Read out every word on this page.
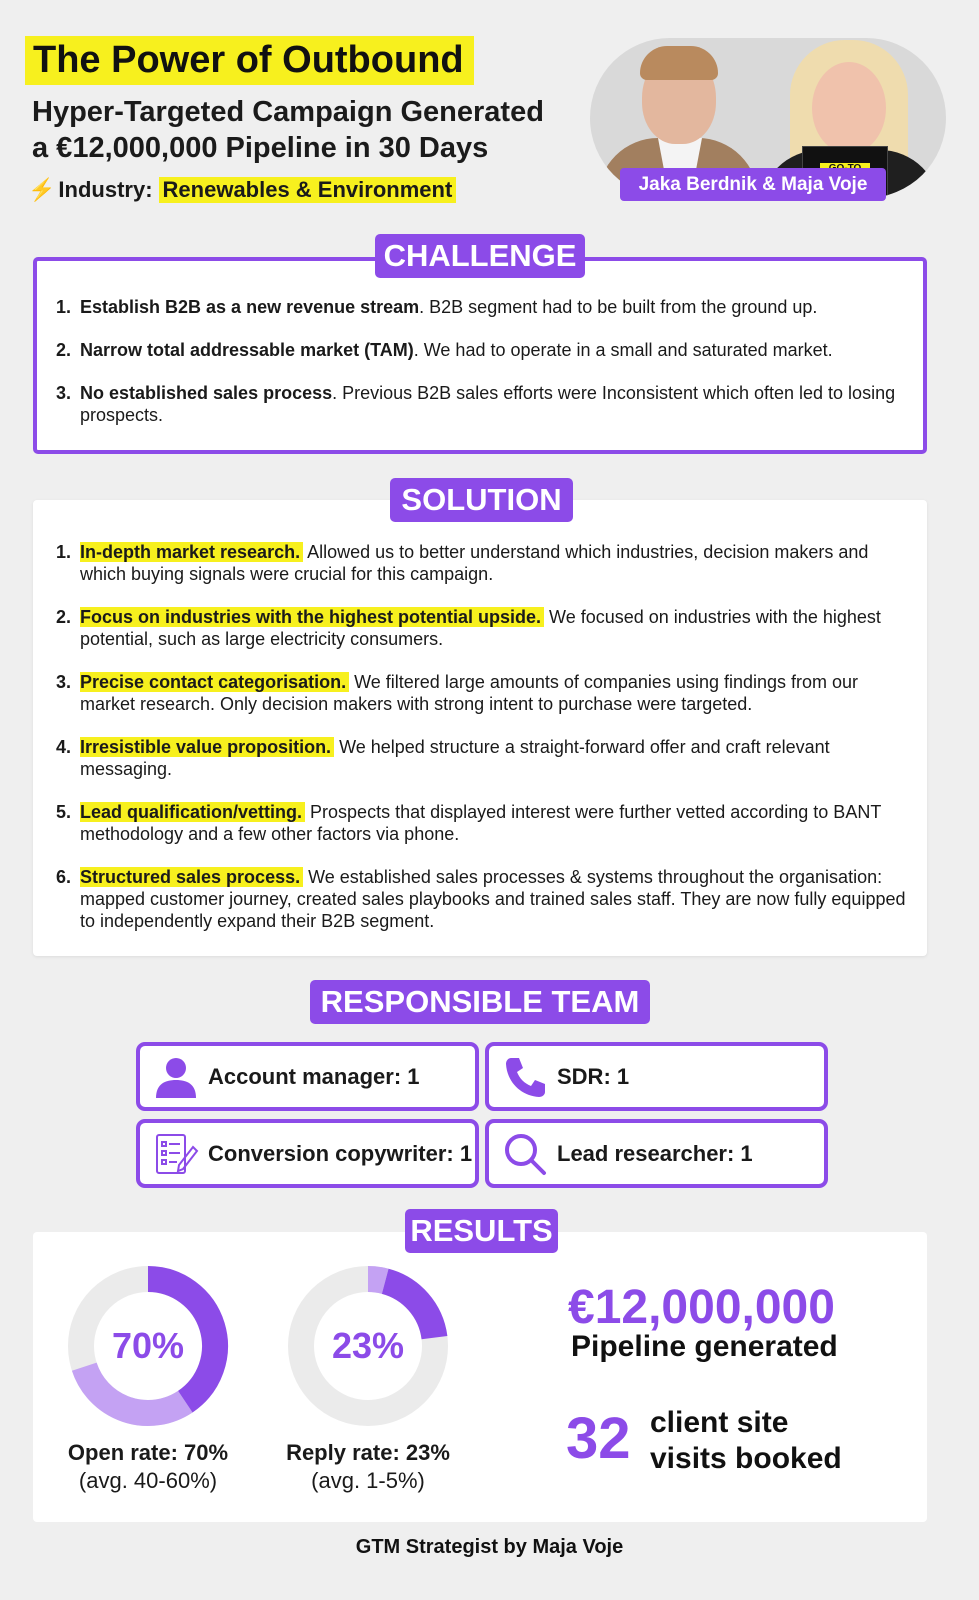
The Power of Outbound
Hyper-Targeted Campaign Generated
a €12,000,000 Pipeline in 30 Days
⚡ Industry: Renewables & Environment	Jaka Berdnik & Maja Voje
CHALLENGE
1. Establish B2B as a new revenue stream. B2B segment had to be built from the ground up.
2. Narrow total addressable market (TAM). We had to operate in a small and saturated market.
3. No established sales process. Previous B2B sales efforts were Inconsistent which often led to losing prospects.
SOLUTION
1. In-depth market research. Allowed us to better understand which industries, decision makers and which buying signals were crucial for this campaign.
2. Focus on industries with the highest potential upside. We focused on industries with the highest potential, such as large electricity consumers.
3. Precise contact categorisation. We filtered large amounts of companies using findings from our market research. Only decision makers with strong intent to purchase were targeted.
4. Irresistible value proposition. We helped structure a straight-forward offer and craft relevant messaging.
5. Lead qualification/vetting. Prospects that displayed interest were further vetted according to BANT methodology and a few other factors via phone.
6. Structured sales process. We established sales processes & systems throughout the organisation: mapped customer journey, created sales playbooks and trained sales staff. They are now fully equipped to independently expand their B2B segment.
RESPONSIBLE TEAM
Account manager: 1	SDR: 1
Conversion copywriter: 1	Lead researcher: 1
RESULTS
70%
Open rate: 70%
(avg. 40-60%)
23%
Reply rate: 23%
(avg. 1-5%)
€12,000,000
Pipeline generated
32 client site
visits booked
GTM Strategist by Maja Voje
